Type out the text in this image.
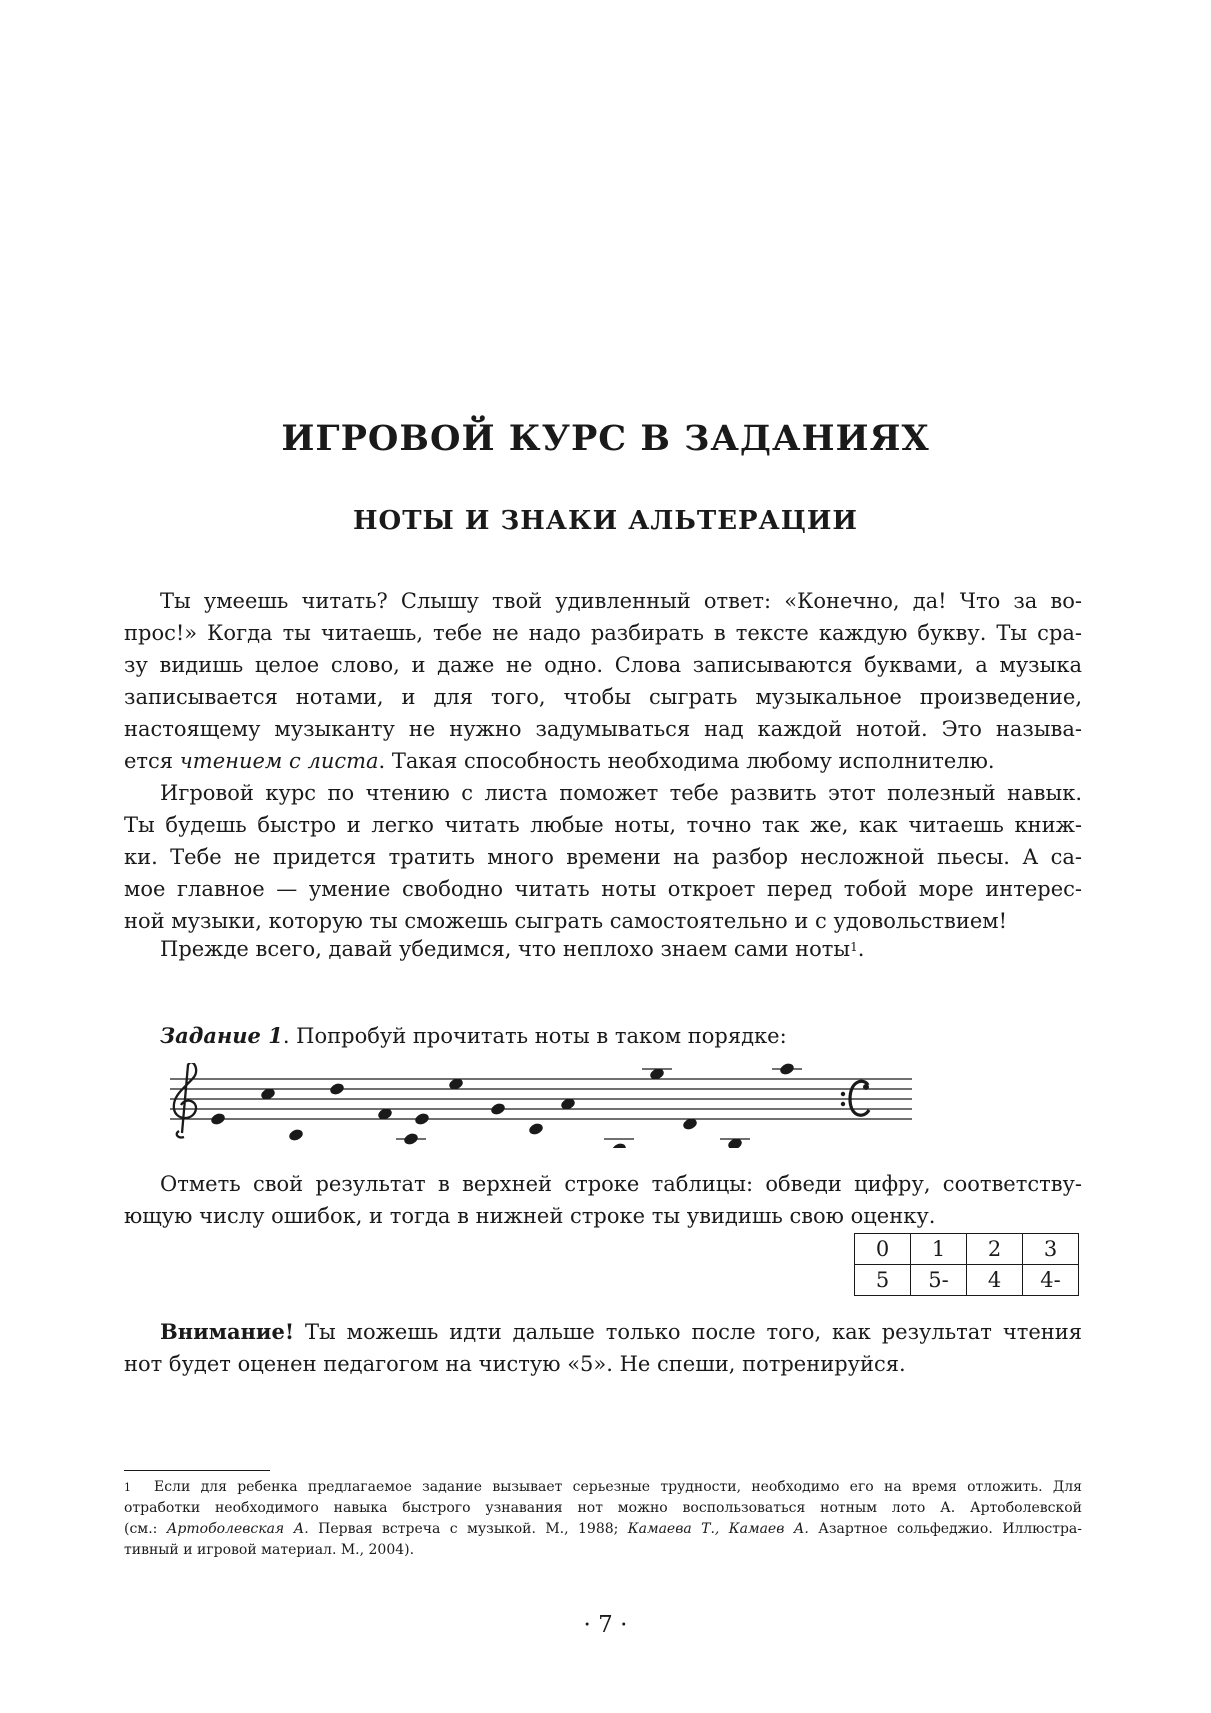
ИГРОВОЙ КУРС В ЗАДАНИЯХ
НОТЫ И ЗНАКИ АЛЬТЕРАЦИИ
Ты умеешь читать? Слышу твой удивленный ответ: «Конечно, да! Что за во-
прос!» Когда ты читаешь, тебе не надо разбирать в тексте каждую букву. Ты сра-
зу видишь целое слово, и даже не одно. Слова записываются буквами, а музыка
записывается нотами, и для того, чтобы сыграть музыкальное произведение,
настоящему музыканту не нужно задумываться над каждой нотой. Это называ-
ется чтением с листа. Такая способность необходима любому исполнителю.
Игровой курс по чтению с листа поможет тебе развить этот полезный навык.
Ты будешь быстро и легко читать любые ноты, точно так же, как читаешь книж-
ки. Тебе не придется тратить много времени на разбор несложной пьесы. А са-
мое главное — умение свободно читать ноты откроет перед тобой море интерес-
ной музыки, которую ты сможешь сыграть самостоятельно и с удовольствием!
Прежде всего, давай убедимся, что неплохо знаем сами ноты$^1$.

Задание 1. Попробуй прочитать ноты в таком порядке:

Отметь свой результат в верхней строке таблицы: обведи цифру, соответству-
ющую числу ошибок, и тогда в нижней строке ты увидишь свою оценку.
0	1	2	3
5	5-	4	4-
Внимание! Ты можешь идти дальше только после того, как результат чтения
нот будет оценен педагогом на чистую «5». Не спеши, потренируйся.
1 Если для ребенка предлагаемое задание вызывает серьезные трудности, необходимо его на время отложить. Для
отработки необходимого навыка быстрого узнавания нот можно воспользоваться нотным лото А. Артоболевской
(см.: Артоболевская А. Первая встреча с музыкой. М., 1988; Камаева Т., Камаев А. Азартное сольфеджио. Иллюстра-
тивный и игровой материал. М., 2004).
· 7 ·
